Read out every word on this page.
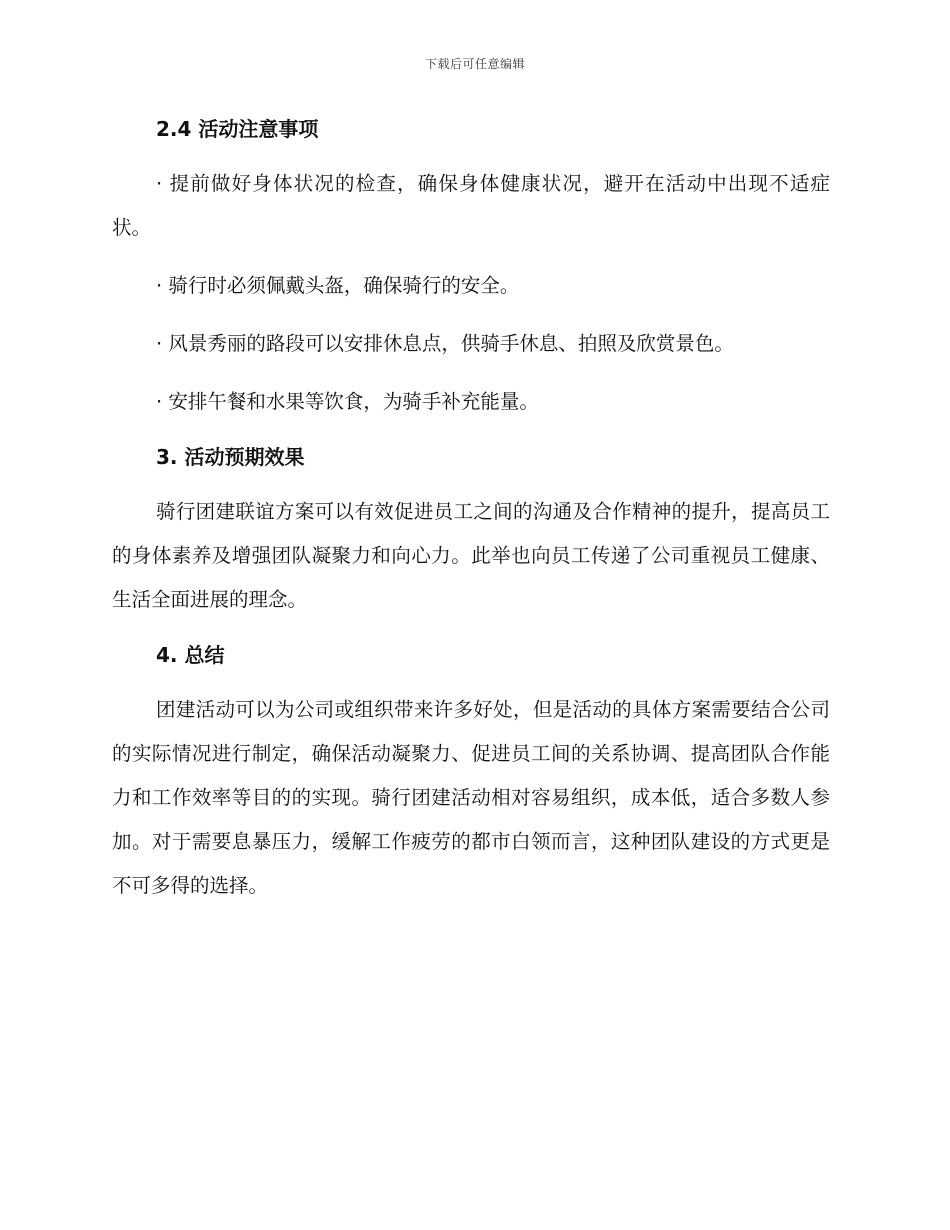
下载后可任意编辑
2.4 活动注意事项

· 提前做好身体状况的检查，确保身体健康状况，避开在活动中出现不适症状。

· 骑行时必须佩戴头盔，确保骑行的安全。

· 风景秀丽的路段可以安排休息点，供骑手休息、拍照及欣赏景色。

· 安排午餐和水果等饮食，为骑手补充能量。

3. 活动预期效果

骑行团建联谊方案可以有效促进员工之间的沟通及合作精神的提升，提高员工的身体素养及增强团队凝聚力和向心力。此举也向员工传递了公司重视员工健康、生活全面进展的理念。

4. 总结

团建活动可以为公司或组织带来许多好处，但是活动的具体方案需要结合公司的实际情况进行制定，确保活动凝聚力、促进员工间的关系协调、提高团队合作能力和工作效率等目的的实现。骑行团建活动相对容易组织，成本低，适合多数人参加。对于需要息暴压力，缓解工作疲劳的都市白领而言，这种团队建设的方式更是不可多得的选择。
